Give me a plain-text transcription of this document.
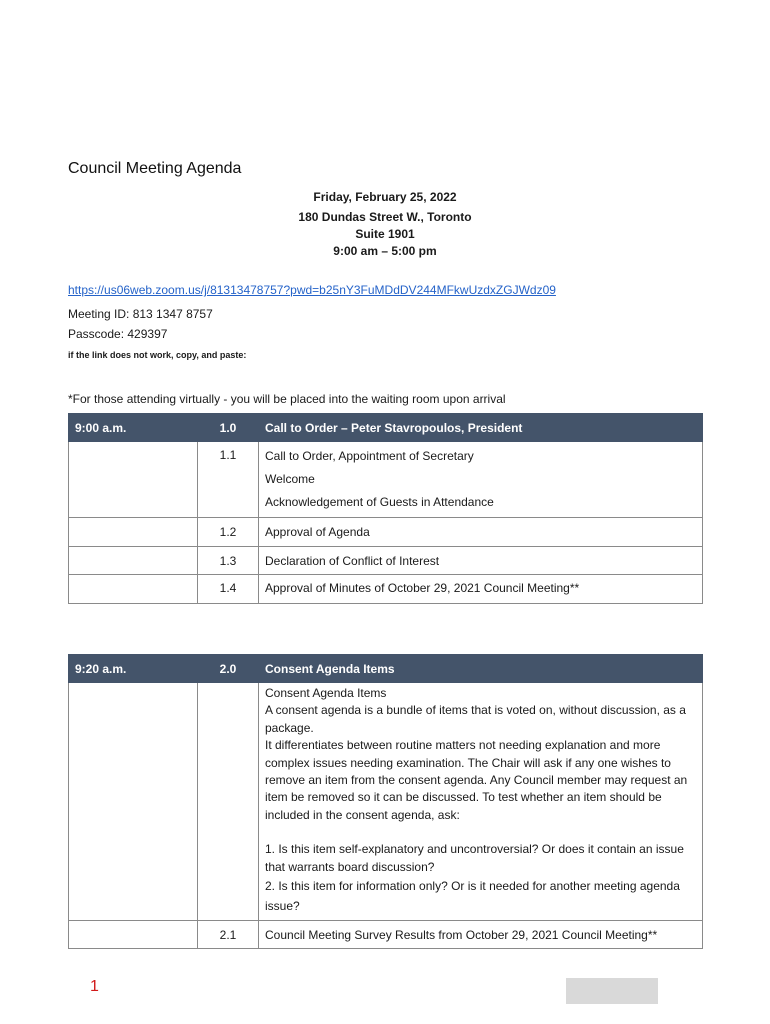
Council Meeting Agenda
Friday, February 25, 2022
180 Dundas Street W., Toronto
Suite 1901
9:00 am – 5:00 pm
https://us06web.zoom.us/j/81313478757?pwd=b25nY3FuMDdDV244MFkwUzdxZGJWdz09
Meeting ID: 813 1347 8757
Passcode: 429397
if the link does not work, copy, and paste:
*For those attending virtually - you will be placed into the waiting room upon arrival
9:00 a.m.	1.0	Call to Order – Peter Stavropoulos, President
	1.1	Call to Order, Appointment of Secretary
Welcome
Acknowledgement of Guests in Attendance

	1.2	Approval of Agenda
	1.3	Declaration of Conflict of Interest
	1.4	Approval of Minutes of October 29, 2021 Council Meeting**
9:20 a.m.	2.0	Consent Agenda Items

		Consent Agenda Items
A consent agenda is a bundle of items that is voted on, without discussion, as a package.
It differentiates between routine matters not needing explanation and more complex issues needing examination. The Chair will ask if any one wishes to remove an item from the consent agenda. Any Council member may request an item be removed so it can be discussed. To test whether an item should be included in the consent agenda, ask:
1. Is this item self-explanatory and uncontroversial? Or does it contain an issue that warrants board discussion?
2. Is this item for information only? Or is it needed for another meeting agenda issue?

	2.1	Council Meeting Survey Results from October 29, 2021 Council Meeting**
1
